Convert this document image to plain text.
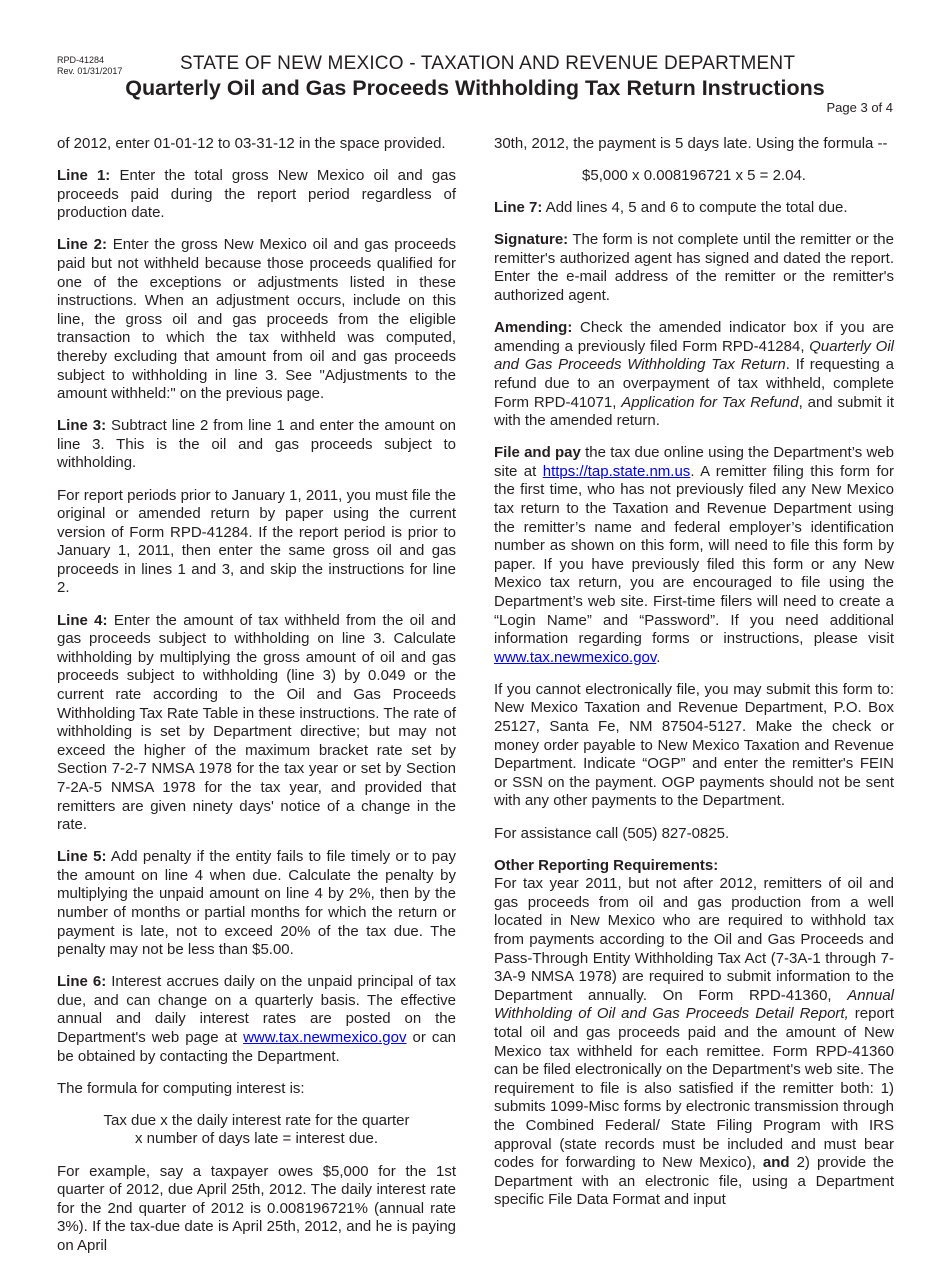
RPD-41284
Rev. 01/31/2017	STATE OF NEW MEXICO - TAXATION AND REVENUE DEPARTMENT
Quarterly Oil and Gas Proceeds Withholding Tax Return Instructions
Page 3 of 4

of 2012, enter 01-01-12 to 03-31-12 in the space provided.

Line 1: Enter the total gross New Mexico oil and gas proceeds paid during the report period regardless of production date.

Line 2: Enter the gross New Mexico oil and gas proceeds paid but not withheld because those proceeds qualified for one of the exceptions or adjustments listed in these instructions. When an adjustment occurs, include on this line, the gross oil and gas proceeds from the eligible transaction to which the tax withheld was computed, thereby excluding that amount from oil and gas proceeds subject to withholding in line 3. See "Adjustments to the amount withheld:" on the previous page.

Line 3: Subtract line 2 from line 1 and enter the amount on line 3. This is the oil and gas proceeds subject to withholding.

For report periods prior to January 1, 2011, you must file the original or amended return by paper using the current version of Form RPD-41284. If the report period is prior to January 1, 2011, then enter the same gross oil and gas proceeds in lines 1 and 3, and skip the instructions for line 2.

Line 4: Enter the amount of tax withheld from the oil and gas proceeds subject to withholding on line 3. Calculate withholding by multiplying the gross amount of oil and gas proceeds subject to withholding (line 3) by 0.049 or the current rate according to the Oil and Gas Proceeds Withholding Tax Rate Table in these instructions. The rate of withholding is set by Department directive; but may not exceed the higher of the maximum bracket rate set by Section 7-2-7 NMSA 1978 for the tax year or set by Section 7-2A-5 NMSA 1978 for the tax year, and provided that remitters are given ninety days' notice of a change in the rate.

Line 5: Add penalty if the entity fails to file timely or to pay the amount on line 4 when due. Calculate the penalty by multiplying the unpaid amount on line 4 by 2%, then by the number of months or partial months for which the return or payment is late, not to exceed 20% of the tax due. The penalty may not be less than $5.00.

Line 6: Interest accrues daily on the unpaid principal of tax due, and can change on a quarterly basis. The effective annual and daily interest rates are posted on the Department's web page at www.tax.newmexico.gov or can be obtained by contacting the Department.

The formula for computing interest is:

Tax due x the daily interest rate for the quarter
x number of days late = interest due.

For example, say a taxpayer owes $5,000 for the 1st quarter of 2012, due April 25th, 2012. The daily interest rate for the 2nd quarter of 2012 is 0.008196721% (annual rate 3%). If the tax-due date is April 25th, 2012, and he is paying on April

30th, 2012, the payment is 5 days late. Using the formula --

$5,000 x 0.008196721 x 5 = 2.04.

Line 7: Add lines 4, 5 and 6 to compute the total due.

Signature: The form is not complete until the remitter or the remitter's authorized agent has signed and dated the report. Enter the e-mail address of the remitter or the remitter's authorized agent.

Amending: Check the amended indicator box if you are amending a previously filed Form RPD-41284, Quarterly Oil and Gas Proceeds Withholding Tax Return. If requesting a refund due to an overpayment of tax withheld, complete Form RPD-41071, Application for Tax Refund, and submit it with the amended return.

File and pay the tax due online using the Department’s web site at https://tap.state.nm.us. A remitter filing this form for the first time, who has not previously filed any New Mexico tax return to the Taxation and Revenue Department using the remitter’s name and federal employer’s identification number as shown on this form, will need to file this form by paper. If you have previously filed this form or any New Mexico tax return, you are encouraged to file using the Department’s web site. First-time filers will need to create a “Login Name” and “Password”. If you need additional information regarding forms or instructions, please visit www.tax.newmexico.gov.

If you cannot electronically file, you may submit this form to: New Mexico Taxation and Revenue Department, P.O. Box 25127, Santa Fe, NM 87504-5127. Make the check or money order payable to New Mexico Taxation and Revenue Department. Indicate “OGP” and enter the remitter's FEIN or SSN on the payment. OGP payments should not be sent with any other payments to the Department.

For assistance call (505) 827-0825.

Other Reporting Requirements:

For tax year 2011, but not after 2012, remitters of oil and gas proceeds from oil and gas production from a well located in New Mexico who are required to withhold tax from payments according to the Oil and Gas Proceeds and Pass-Through Entity Withholding Tax Act (7-3A-1 through 7-3A-9 NMSA 1978) are required to submit information to the Department annually. On Form RPD-41360, Annual Withholding of Oil and Gas Proceeds Detail Report, report total oil and gas proceeds paid and the amount of New Mexico tax withheld for each remittee. Form RPD-41360 can be filed electronically on the Department's web site. The requirement to file is also satisfied if the remitter both: 1) submits 1099-Misc forms by electronic transmission through the Combined Federal/ State Filing Program with IRS approval (state records must be included and must bear codes for forwarding to New Mexico), and 2) provide the Department with an electronic file, using a Department specific File Data Format and input
